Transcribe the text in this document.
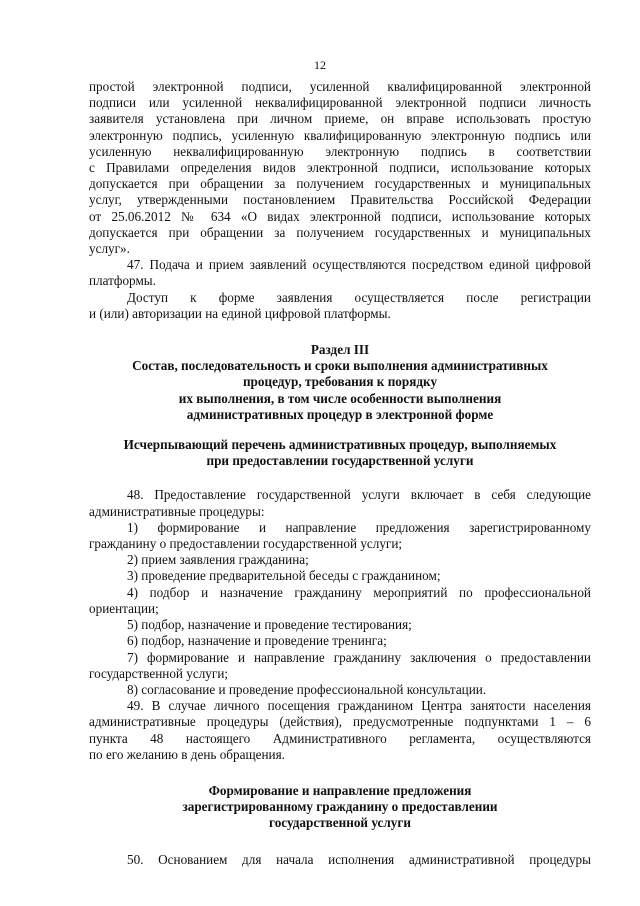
12

простой электронной подписи, усиленной квалифицированной электронной

подписи или усиленной неквалифицированной электронной подписи личность

заявителя установлена при личном приеме, он вправе использовать простую

электронную подпись, усиленную квалифицированную электронную подпись или

усиленную неквалифицированную электронную подпись в соответствии

с Правилами определения видов электронной подписи, использование которых

допускается при обращении за получением государственных и муниципальных

услуг, утвержденными постановлением Правительства Российской Федерации

от 25.06.2012 № 634 «О видах электронной подписи, использование которых

допускается при обращении за получением государственных и муниципальных

услуг».

47. Подача и прием заявлений осуществляются посредством единой цифровой

платформы.

Доступ к форме заявления осуществляется после регистрации

и (или) авторизации на единой цифровой платформы.

Раздел III

Состав, последовательность и сроки выполнения административных

процедур, требования к порядку

их выполнения, в том числе особенности выполнения

административных процедур в электронной форме

Исчерпывающий перечень административных процедур, выполняемых

при предоставлении государственной услуги

48. Предоставление государственной услуги включает в себя следующие

административные процедуры:

1) формирование и направление предложения зарегистрированному

гражданину о предоставлении государственной услуги;

2) прием заявления гражданина;

3) проведение предварительной беседы с гражданином;

4) подбор и назначение гражданину мероприятий по профессиональной

ориентации;

5) подбор, назначение и проведение тестирования;

6) подбор, назначение и проведение тренинга;

7) формирование и направление гражданину заключения о предоставлении

государственной услуги;

8) согласование и проведение профессиональной консультации.

49. В случае личного посещения гражданином Центра занятости населения

административные процедуры (действия), предусмотренные подпунктами 1 – 6

пункта 48 настоящего Административного регламента, осуществляются

по его желанию в день обращения.

Формирование и направление предложения

зарегистрированному гражданину о предоставлении

государственной услуги

50. Основанием для начала исполнения административной процедуры
